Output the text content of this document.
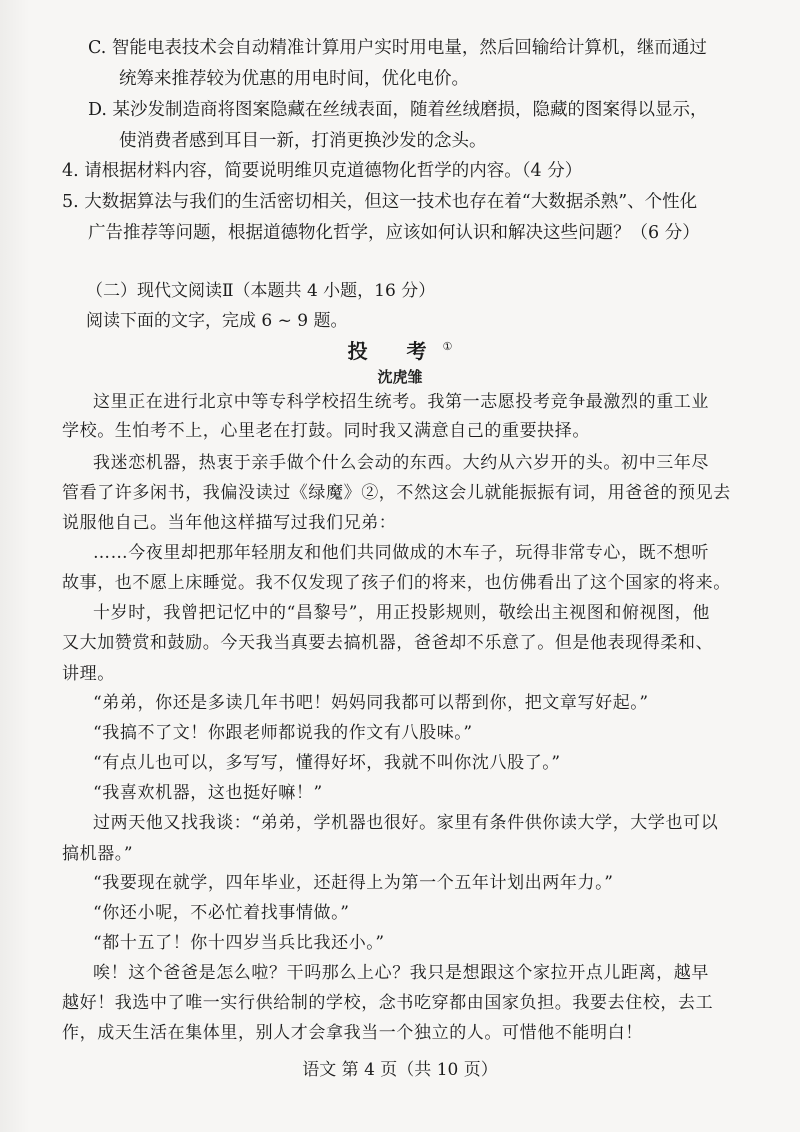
C. 智能电表技术会自动精准计算用户实时用电量，然后回输给计算机，继而通过
统筹来推荐较为优惠的用电时间，优化电价。
D. 某沙发制造商将图案隐藏在丝绒表面，随着丝绒磨损，隐藏的图案得以显示，
使消费者感到耳目一新，打消更换沙发的念头。
4. 请根据材料内容，简要说明维贝克道德物化哲学的内容。（4 分）
5. 大数据算法与我们的生活密切相关，但这一技术也存在着“大数据杀熟”、个性化
广告推荐等问题，根据道德物化哲学，应该如何认识和解决这些问题？（6 分）
（二）现代文阅读Ⅱ（本题共 4 小题，16 分）
阅读下面的文字，完成 6 ~ 9 题。
投 考①
沈虎雏
这里正在进行北京中等专科学校招生统考。我第一志愿投考竞争最激烈的重工业
学校。生怕考不上，心里老在打鼓。同时我又满意自己的重要抉择。
我迷恋机器，热衷于亲手做个什么会动的东西。大约从六岁开的头。初中三年尽
管看了许多闲书，我偏没读过《绿魔》②，不然这会儿就能振振有词，用爸爸的预见去
说服他自己。当年他这样描写过我们兄弟：
……今夜里却把那年轻朋友和他们共同做成的木车子，玩得非常专心，既不想听
故事，也不愿上床睡觉。我不仅发现了孩子们的将来，也仿佛看出了这个国家的将来。
十岁时，我曾把记忆中的“昌黎号”，用正投影规则，敬绘出主视图和俯视图，他
又大加赞赏和鼓励。今天我当真要去搞机器，爸爸却不乐意了。但是他表现得柔和、
讲理。
“弟弟，你还是多读几年书吧！妈妈同我都可以帮到你，把文章写好起。”
“我搞不了文！你跟老师都说我的作文有八股味。”
“有点儿也可以，多写写，懂得好坏，我就不叫你沈八股了。”
“我喜欢机器，这也挺好嘛！”
过两天他又找我谈：“弟弟，学机器也很好。家里有条件供你读大学，大学也可以
搞机器。”
“我要现在就学，四年毕业，还赶得上为第一个五年计划出两年力。”
“你还小呢，不必忙着找事情做。”
“都十五了！你十四岁当兵比我还小。”
唉！这个爸爸是怎么啦？干吗那么上心？我只是想跟这个家拉开点儿距离，越早
越好！我选中了唯一实行供给制的学校，念书吃穿都由国家负担。我要去住校，去工
作，成天生活在集体里，别人才会拿我当一个独立的人。可惜他不能明白！
语文 第 4 页（共 10 页）
